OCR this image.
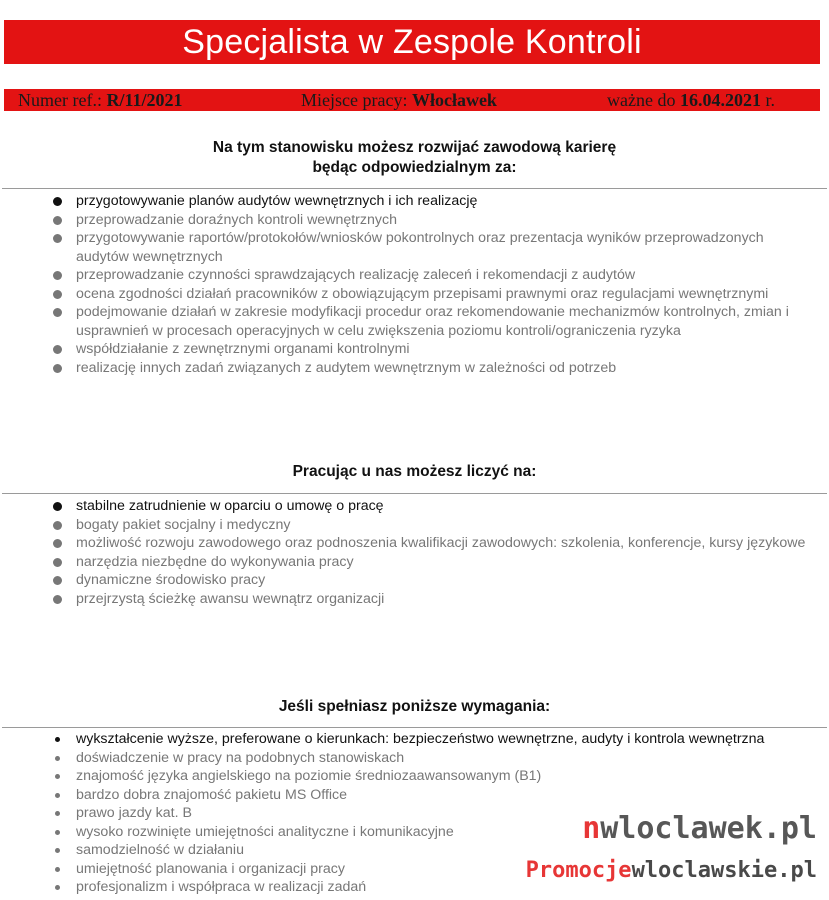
Specjalista w Zespole Kontroli
Numer ref.: R/11/2021	Miejsce pracy: Włocławek	ważne do 16.04.2021 r.
Na tym stanowisku możesz rozwijać zawodową karierę
będąc odpowiedzialnym za:
przygotowywanie planów audytów wewnętrznych i ich realizację
przeprowadzanie doraźnych kontroli wewnętrznych
przygotowywanie raportów/protokołów/wniosków pokontrolnych oraz prezentacja wyników przeprowadzonych audytów wewnętrznych
przeprowadzanie czynności sprawdzających realizację zaleceń i rekomendacji z audytów
ocena zgodności działań pracowników z obowiązującym przepisami prawnymi oraz regulacjami wewnętrznymi
podejmowanie działań w zakresie modyfikacji procedur oraz rekomendowanie mechanizmów kontrolnych, zmian i usprawnień w procesach operacyjnych w celu zwiększenia poziomu kontroli/ograniczenia ryzyka
współdziałanie z zewnętrznymi organami kontrolnymi
realizację innych zadań związanych z audytem wewnętrznym w zależności od potrzeb
Pracując u nas możesz liczyć na:
stabilne zatrudnienie w oparciu o umowę o pracę
bogaty pakiet socjalny i medyczny
możliwość rozwoju zawodowego oraz podnoszenia kwalifikacji zawodowych: szkolenia, konferencje, kursy językowe
narzędzia niezbędne do wykonywania pracy
dynamiczne środowisko pracy
przejrzystą ścieżkę awansu wewnątrz organizacji
Jeśli spełniasz poniższe wymagania:
wykształcenie wyższe, preferowane o kierunkach: bezpieczeństwo wewnętrzne, audyty i kontrola wewnętrzna
doświadczenie w pracy na podobnych stanowiskach
znajomość języka angielskiego na poziomie średniozaawansowanym (B1)
bardzo dobra znajomość pakietu MS Office
prawo jazdy kat. B
wysoko rozwinięte umiejętności analityczne i komunikacyjne
samodzielność w działaniu
umiejętność planowania i organizacji pracy
profesjonalizm i współpraca w realizacji zadań
nwloclawek.pl
Promocjewloclawskie.pl
